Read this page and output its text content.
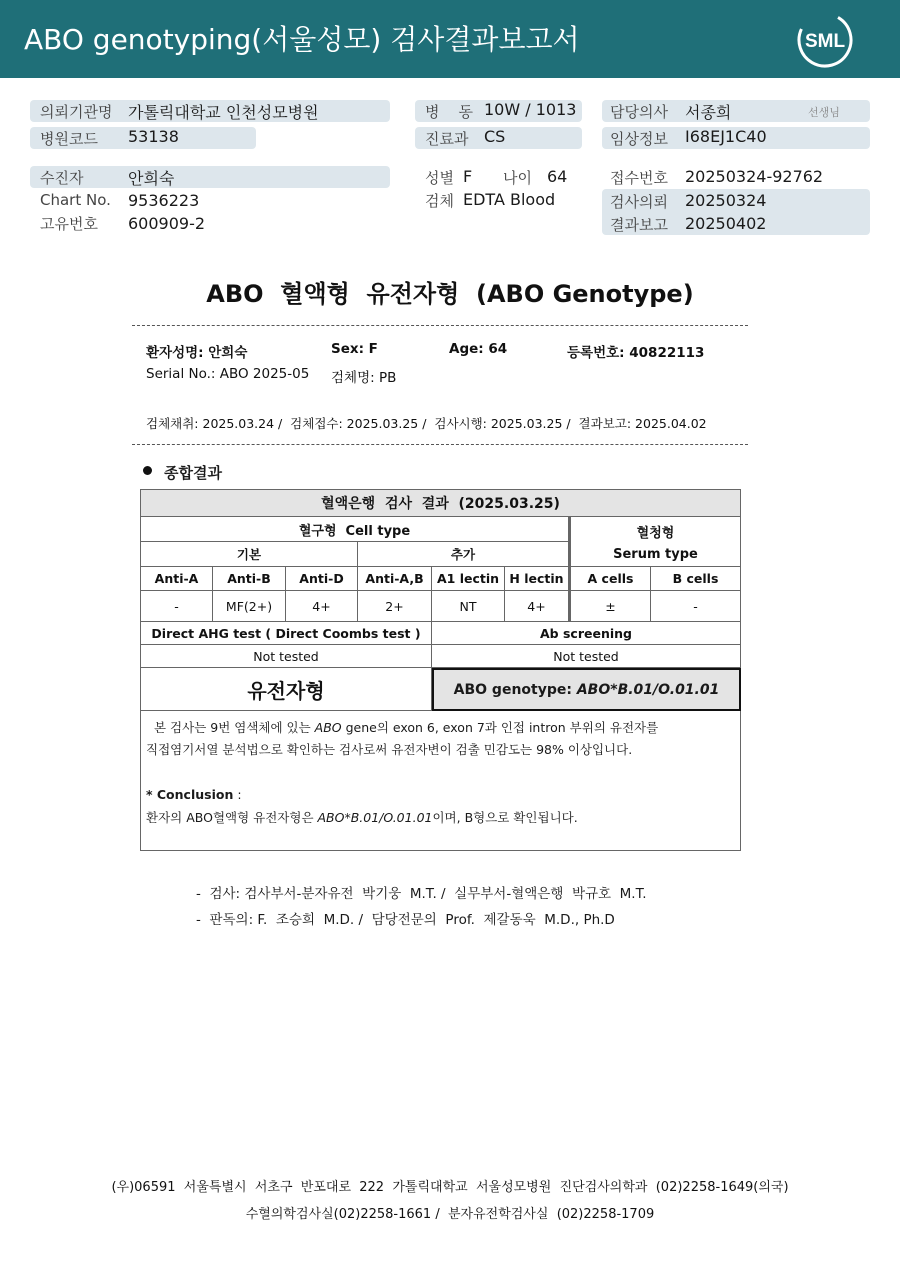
ABO genotyping(서울성모) 검사결과보고서	SML
의뢰기관명 가톨릭대학교 인천성모병원
병원코드 53138
병    동 10W / 1013
진료과 CS
담당의사 서종희	선생님
임상정보 I68EJ1C40
수진자	안희숙
Chart No. 9536223
고유번호 600909-2
성별 F 나이 64
검체 EDTA Blood
접수번호 20250324-92762
검사의뢰 20250324
결과보고 20250402
ABO  혈액형  유전자형  (ABO Genotype)
환자성명: 안희숙	Sex: F	Age: 64	등록번호: 40822113
Serial No.: ABO 2025-05 검체명: PB
검체채취: 2025.03.24 /  검체접수: 2025.03.25 /  검사시행: 2025.03.25 /  결과보고: 2025.04.02
종합결과
혈액은행  검사  결과  (2025.03.25)
혈구형  Cell type	혈청형
Serum type
기본	추가
Anti-A	Anti-B	Anti-D	Anti-A,B	A1 lectin H lectin	A cells	B cells
-	MF(2+)	4+	2+	NT	4+	±	-
Direct AHG test ( Direct Coombs test )	Ab screening
Not tested	Not tested
유전자형	ABO genotype: ABO*B.01/O.01.01
본 검사는 9번 염색체에 있는 ABO gene의 exon 6, exon 7과 인접 intron 부위의 유전자를
직접염기서열 분석법으로 확인하는 검사로써 유전자변이 검출 민감도는 98% 이상입니다.
* Conclusion :
환자의 ABO혈액형 유전자형은 ABO*B.01/O.01.01이며, B형으로 확인됩니다.
-  검사: 검사부서-분자유전  박기웅  M.T. /  실무부서-혈액은행  박규호  M.T.
-  판독의: F.  조승희  M.D. /  담당전문의  Prof.  제갈동욱  M.D., Ph.D
(우)06591  서울특별시  서초구  반포대로  222  가톨릭대학교  서울성모병원  진단검사의학과  (02)2258-1649(의국)
수혈의학검사실(02)2258-1661 /  분자유전학검사실  (02)2258-1709
